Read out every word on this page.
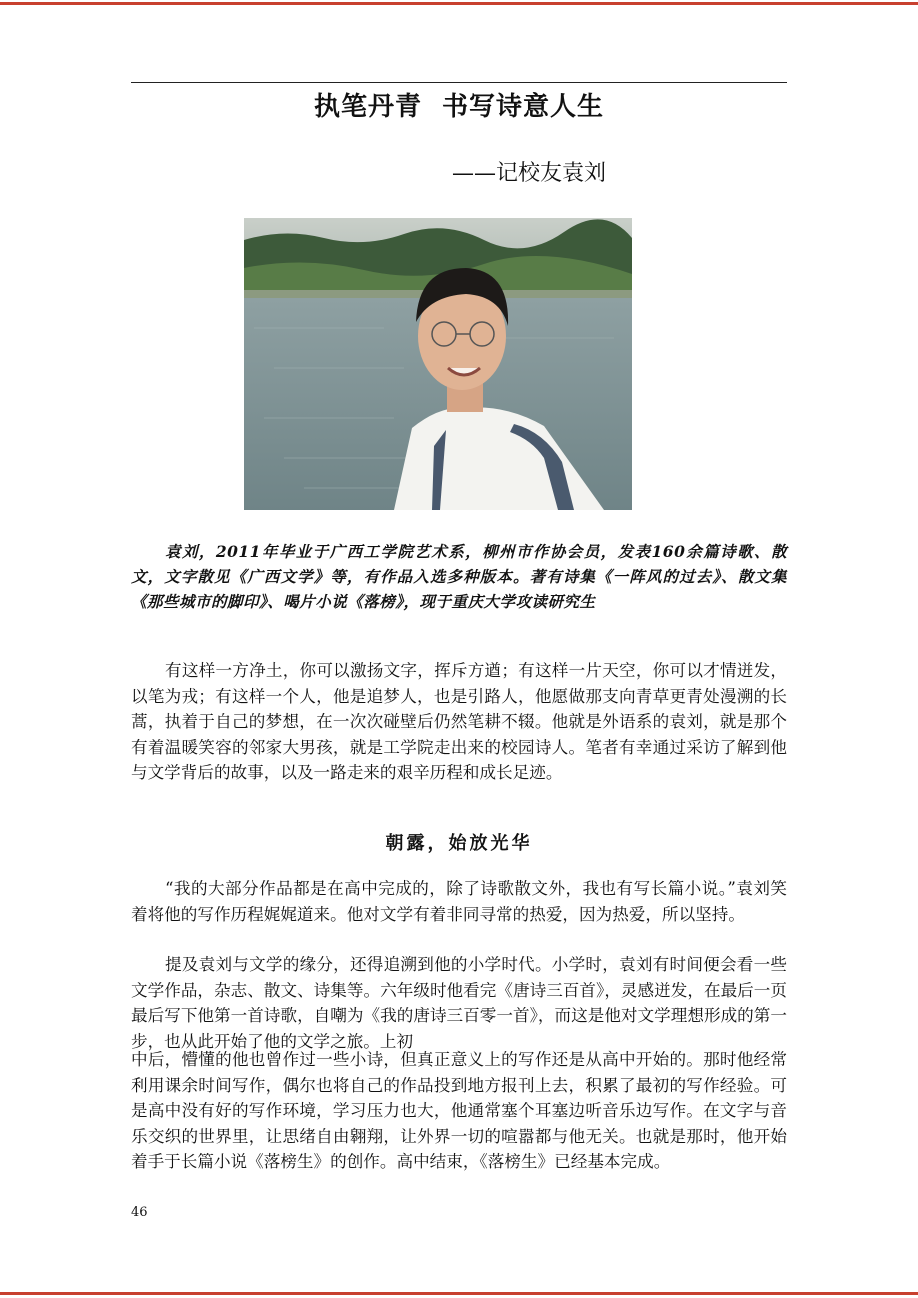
执笔丹青  书写诗意人生
——记校友袁刘
袁刘，2011年毕业于广西工学院艺术系，柳州市作协会员，发表160余篇诗歌、散文，文字散见《广西文学》等，有作品入选多种版本。著有诗集《一阵风的过去》、散文集《那些城市的脚印》、喝片小说《落榜》，现于重庆大学攻读研究生
有这样一方净土，你可以激扬文字，挥斥方遒；有这样一片天空，你可以才情迸发，以笔为戎；有这样一个人，他是追梦人，也是引路人，他愿做那支向青草更青处漫溯的长蒿，执着于自己的梦想，在一次次碰壁后仍然笔耕不辍。他就是外语系的袁刘，就是那个有着温暖笑容的邻家大男孩，就是工学院走出来的校园诗人。笔者有幸通过采访了解到他与文学背后的故事，以及一路走来的艰辛历程和成长足迹。
朝露，始放光华
“我的大部分作品都是在高中完成的，除了诗歌散文外，我也有写长篇小说。”袁刘笑着将他的写作历程娓娓道来。他对文学有着非同寻常的热爱，因为热爱，所以坚持。
提及袁刘与文学的缘分，还得追溯到他的小学时代。小学时，袁刘有时间便会看一些文学作品，杂志、散文、诗集等。六年级时他看完《唐诗三百首》，灵感迸发，在最后一页最后写下他第一首诗歌，自嘲为《我的唐诗三百零一首》，而这是他对文学理想形成的第一步，也从此开始了他的文学之旅。上初
中后，懵懂的他也曾作过一些小诗，但真正意义上的写作还是从高中开始的。那时他经常利用课余时间写作，偶尔也将自己的作品投到地方报刊上去，积累了最初的写作经验。可是高中没有好的写作环境，学习压力也大，他通常塞个耳塞边听音乐边写作。在文字与音乐交织的世界里，让思绪自由翱翔，让外界一切的喧嚣都与他无关。也就是那时，他开始着手于长篇小说《落榜生》的创作。高中结束，《落榜生》已经基本完成。
46
